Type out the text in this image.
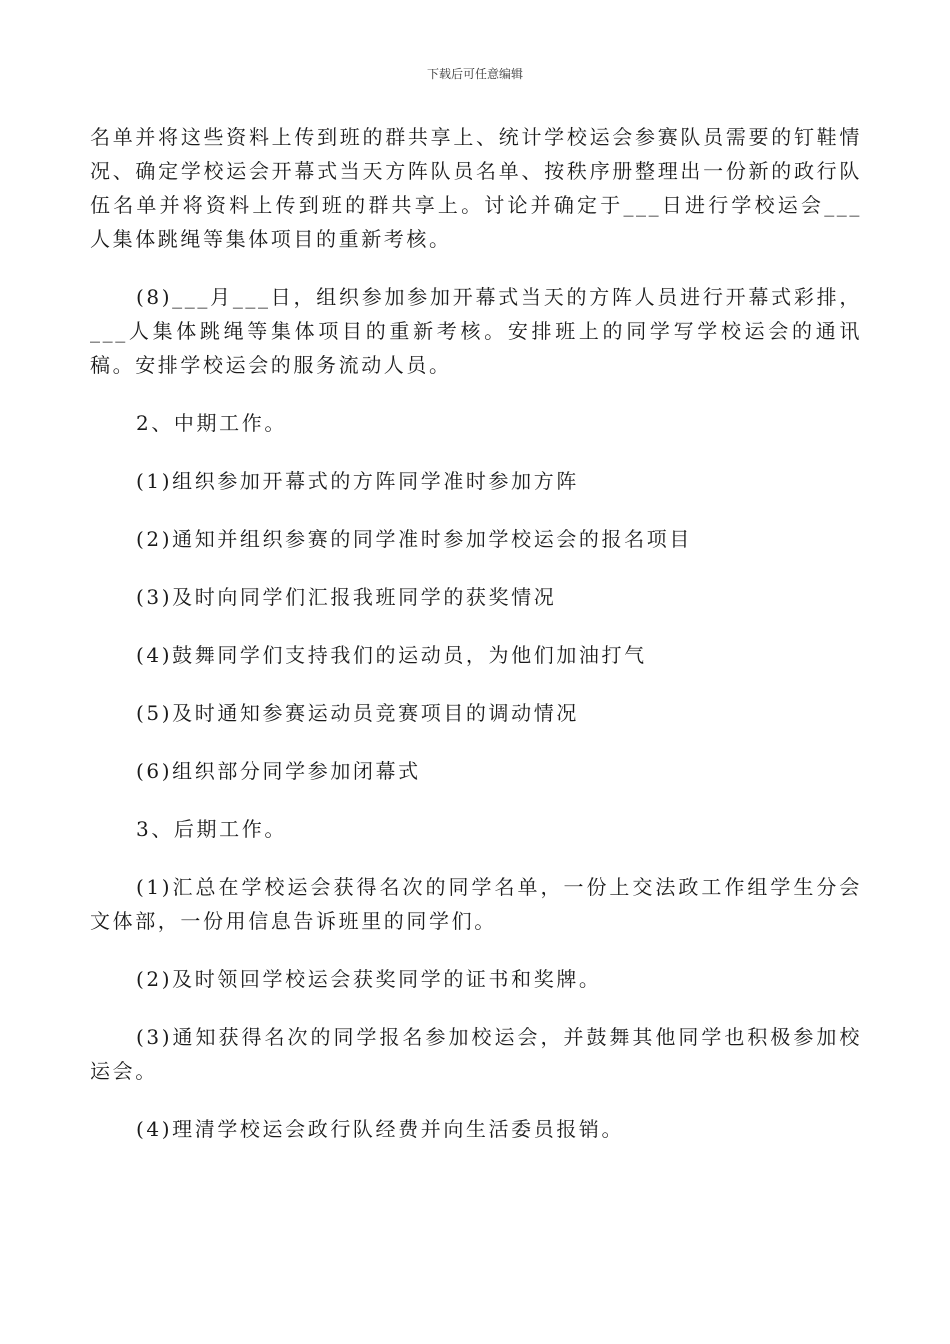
下载后可任意编辑

名单并将这些资料上传到班的群共享上、统计学校运会参赛队员需要的钉鞋情况、确定学校运会开幕式当天方阵队员名单、按秩序册整理出一份新的政行队伍名单并将资料上传到班的群共享上。讨论并确定于___日进行学校运会___人集体跳绳等集体项目的重新考核。

(8)___月___日，组织参加参加开幕式当天的方阵人员进行开幕式彩排，___人集体跳绳等集体项目的重新考核。安排班上的同学写学校运会的通讯稿。安排学校运会的服务流动人员。

2、中期工作。

(1)组织参加开幕式的方阵同学准时参加方阵

(2)通知并组织参赛的同学准时参加学校运会的报名项目

(3)及时向同学们汇报我班同学的获奖情况

(4)鼓舞同学们支持我们的运动员，为他们加油打气

(5)及时通知参赛运动员竞赛项目的调动情况

(6)组织部分同学参加闭幕式

3、后期工作。

(1)汇总在学校运会获得名次的同学名单，一份上交法政工作组学生分会文体部，一份用信息告诉班里的同学们。

(2)及时领回学校运会获奖同学的证书和奖牌。

(3)通知获得名次的同学报名参加校运会，并鼓舞其他同学也积极参加校运会。

(4)理清学校运会政行队经费并向生活委员报销。
